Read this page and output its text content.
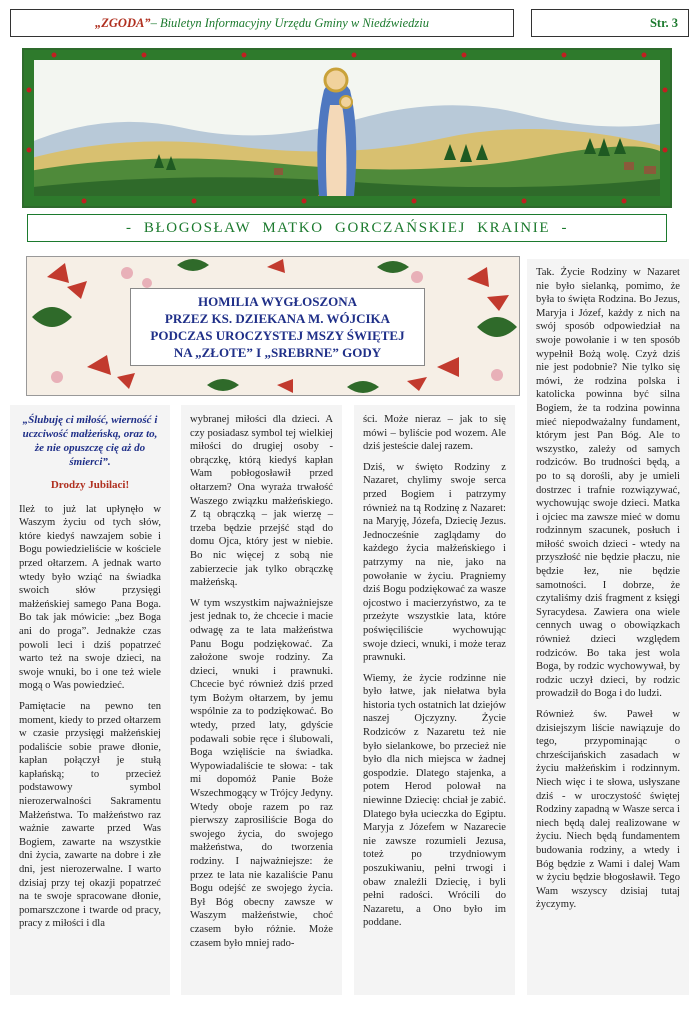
„ZGODA” – Biuletyn Informacyjny Urzędu Gminy w Niedźwiedziu	Str. 3
- BŁOGOSŁAW MATKO GORCZAŃSKIEJ KRAINIE -
HOMILIA WYGŁOSZONA
PRZEZ KS. DZIEKANA M. WÓJCIKA
PODCZAS UROCZYSTEJ MSZY ŚWIĘTEJ
NA „ZŁOTE” I „SREBRNE” GODY
„Ślubuję ci miłość, wierność i uczciwość małżeńską, oraz to, że nie opuszczę cię aż do śmierci”.
Drodzy Jubilaci!

Ileż to już lat upłynęło w Waszym życiu od tych słów, które kiedyś nawzajem sobie i Bogu powiedzieliście w kościele przed ołtarzem. A jednak warto wtedy było wziąć na świadka swoich słów przysięgi małżeńskiej samego Pana Boga. Bo tak jak mówicie: „bez Boga ani do proga”. Jednakże czas powoli leci i dziś popatrzeć warto też na swoje dzieci, na swoje wnuki, bo i one też wiele mogą o Was powiedzieć.

Pamiętacie na pewno ten moment, kiedy to przed ołtarzem w czasie przysięgi małżeńskiej podaliście sobie prawe dłonie, kapłan połączył je stułą kapłańską; to przecież podstawowy symbol nierozerwalności Sakramentu Małżeństwa. To małżeństwo raz ważnie zawarte przed Was Bogiem, zawarte na wszystkie dni życia, zawarte na dobre i złe dni, jest nierozerwalne. I warto dzisiaj przy tej okazji popatrzeć na te swoje spracowane dłonie, pomarszczone i twarde od pracy, pracy z miłości i dla

wybranej miłości dla dzieci. A czy posiadasz symbol tej wielkiej miłości do drugiej osoby - obrączkę, którą kiedyś kapłan Wam pobłogosławił przed ołtarzem? Ona wyraża trwałość Waszego związku małżeńskiego. Z tą obrączką – jak wierzę – trzeba będzie przejść stąd do domu Ojca, który jest w niebie. Bo nic więcej z sobą nie zabierzecie jak tylko obrączkę małżeńską.

W tym wszystkim najważniejsze jest jednak to, że chcecie i macie odwagę za te lata małżeństwa Panu Bogu podziękować. Za założone swoje rodziny. Za dzieci, wnuki i prawnuki. Chcecie być również dziś przed tym Bożym ołtarzem, by jemu wspólnie za to podziękować. Bo wtedy, przed laty, gdyście podawali sobie ręce i ślubowali, Boga wzięliście na świadka. Wypowiadaliście te słowa: - tak mi dopomóż Panie Boże Wszechmogący w Trójcy Jedyny. Wtedy oboje razem po raz pierwszy zaprosiliście Boga do swojego życia, do swojego małżeństwa, do tworzenia rodziny. I najważniejsze: że przez te lata nie kazaliście Panu Bogu odejść ze swojego życia. Był Bóg obecny zawsze w Waszym małżeństwie, choć czasem było różnie. Może czasem było mniej rado-

ści. Może nieraz – jak to się mówi – byliście pod wozem. Ale dziś jesteście dalej razem.

Dziś, w święto Rodziny z Nazaret, chylimy swoje serca przed Bogiem i patrzymy również na tą Rodzinę z Nazaret: na Maryję, Józefa, Dziecię Jezus. Jednocześnie zaglądamy do każdego życia małżeńskiego i patrzymy na nie, jako na powołanie w życiu. Pragniemy dziś Bogu podziękować za wasze ojcostwo i macierzyństwo, za te przeżyte wszystkie lata, które poświęciliście wychowując swoje dzieci, wnuki, i może teraz prawnuki.

Wiemy, że życie rodzinne nie było łatwe, jak niełatwa była historia tych ostatnich lat dziejów naszej Ojczyzny. Życie Rodziców z Nazaretu też nie było sielankowe, bo przecież nie było dla nich miejsca w żadnej gospodzie. Dlatego stajenka, a potem Herod polował na niewinne Dziecię: chciał je zabić. Dlatego była ucieczka do Egiptu. Maryja z Józefem w Nazarecie nie zawsze rozumieli Jezusa, toteż po trzydniowym poszukiwaniu, pełni trwogi i obaw znaleźli Dziecię, i byli pełni radości. Wrócili do Nazaretu, a Ono było im poddane.

Tak. Życie Rodziny w Nazaret nie było sielanką, pomimo, że była to święta Rodzina. Bo Jezus, Maryja i Józef, każdy z nich na swój sposób odpowiedział na swoje powołanie i w ten sposób wypełnił Bożą wolę. Czyż dziś nie jest podobnie? Nie tylko się mówi, że rodzina polska i katolicka powinna być silna Bogiem, że ta rodzina powinna mieć niepodważalny fundament, którym jest Pan Bóg. Ale to wszystko, zależy od samych rodziców. Bo trudności będą, a po to są dorośli, aby je umieli dostrzec i trafnie rozwiązywać, wychowując swoje dzieci. Matka i ojciec ma zawsze mieć w domu rodzinnym szacunek, posłuch i miłość swoich dzieci - wtedy na przyszłość nie będzie płaczu, nie będzie łez, nie będzie samotności. I dobrze, że czytaliśmy dziś fragment z księgi Syracydesa. Zawiera ona wiele cennych uwag o obowiązkach również dzieci względem rodziców. Bo taka jest wola Boga, by rodzic wychowywał, by rodzic uczył dzieci, by rodzic prowadził do Boga i do ludzi.

Również św. Paweł w dzisiejszym liście nawiązuje do tego, przypominając o chrześcijańskich zasadach w życiu małżeńskim i rodzinnym. Niech więc i te słowa, usłyszane dziś - w uroczystość świętej Rodziny zapadną w Wasze serca i niech będą dalej realizowane w życiu. Niech będą fundamentem budowania rodziny, a wtedy i Bóg będzie z Wami i dalej Wam w życiu będzie błogosławił. Tego Wam wszyscy dzisiaj tutaj życzymy.
